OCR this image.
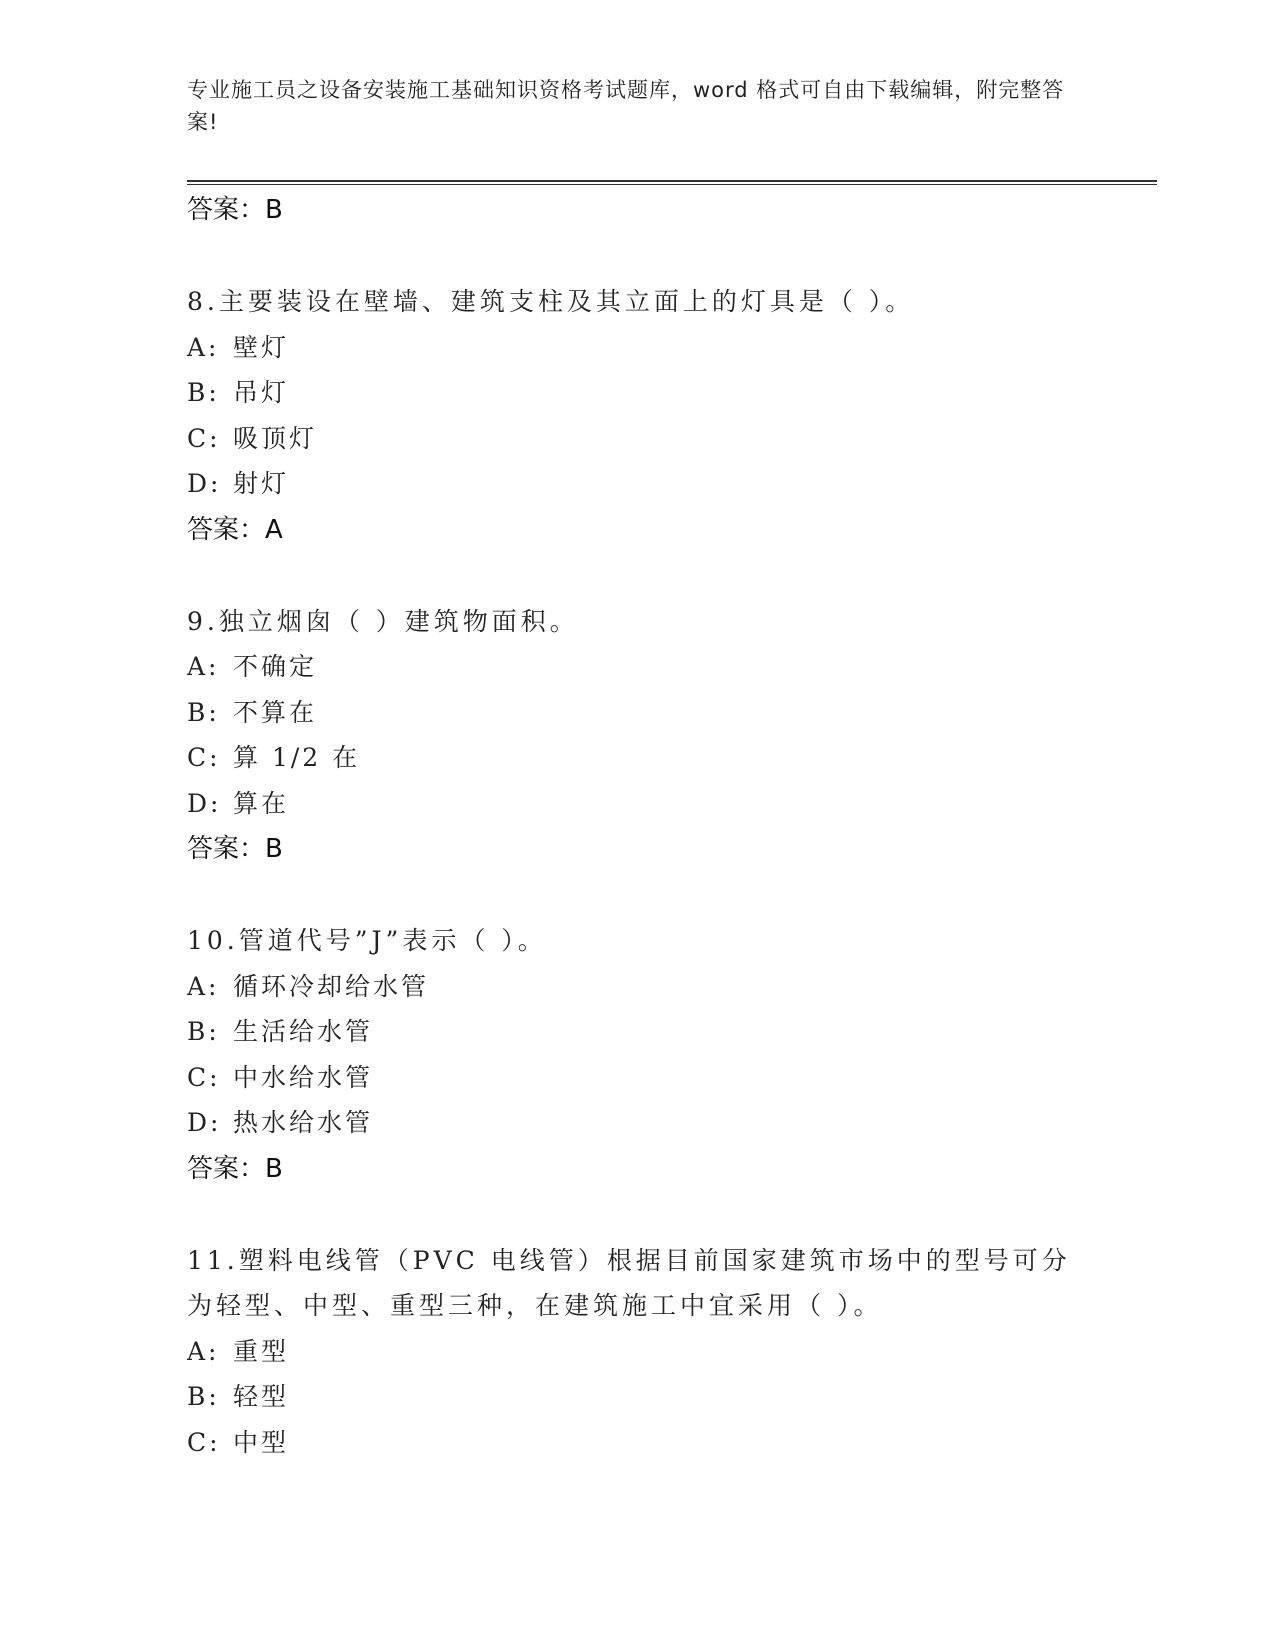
专业施工员之设备安装施工基础知识资格考试题库，word 格式可自由下载编辑，附完整答案!
答案：B
8.主要装设在壁墙、建筑支柱及其立面上的灯具是（ ）。
A: 壁灯
B: 吊灯
C: 吸顶灯
D: 射灯
答案：A
9.独立烟囱（ ）建筑物面积。
A: 不确定
B: 不算在
C: 算 1/2 在
D: 算在
答案：B
10.管道代号”J”表示（ ）。
A: 循环冷却给水管
B: 生活给水管
C: 中水给水管
D: 热水给水管
答案：B
11.塑料电线管（PVC 电线管）根据目前国家建筑市场中的型号可分为轻型、中型、重型三种，在建筑施工中宜采用（ ）。
A: 重型
B: 轻型
C: 中型
